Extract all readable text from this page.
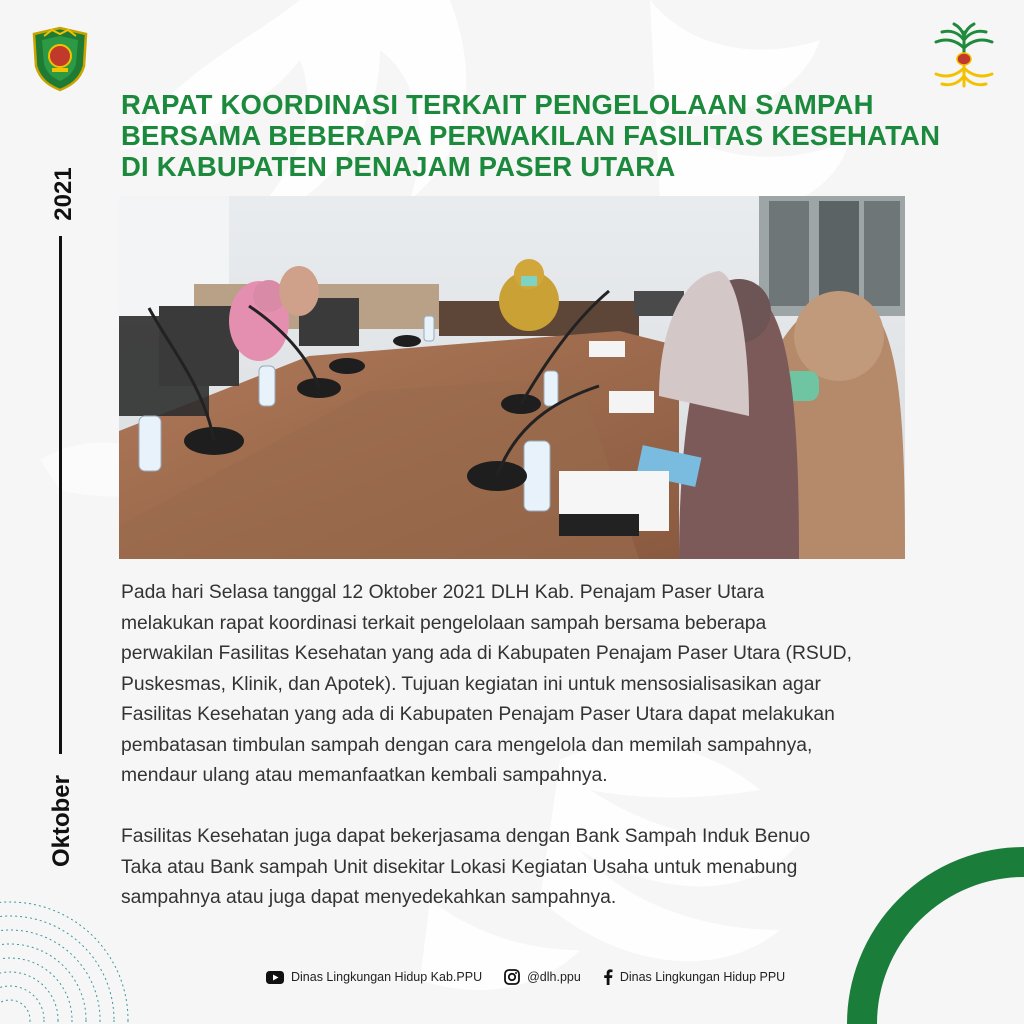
RAPAT KOORDINASI TERKAIT PENGELOLAAN SAMPAH
BERSAMA BEBERAPA PERWAKILAN FASILITAS KESEHATAN
DI KABUPATEN PENAJAM PASER UTARA
2021
Oktober

Pada hari Selasa tanggal 12 Oktober 2021 DLH Kab. Penajam Paser Utara
melakukan rapat koordinasi terkait pengelolaan sampah bersama beberapa
perwakilan Fasilitas Kesehatan yang ada di Kabupaten Penajam Paser Utara (RSUD,
Puskesmas, Klinik, dan Apotek). Tujuan kegiatan ini untuk mensosialisasikan agar
Fasilitas Kesehatan yang ada di Kabupaten Penajam Paser Utara dapat melakukan
pembatasan timbulan sampah dengan cara mengelola dan memilah sampahnya,
mendaur ulang atau memanfaatkan kembali sampahnya.

Fasilitas Kesehatan juga dapat bekerjasama dengan Bank Sampah Induk Benuo
Taka atau Bank sampah Unit disekitar Lokasi Kegiatan Usaha untuk menabung
sampahnya atau juga dapat menyedekahkan sampahnya.

Dinas Lingkungan Hidup Kab.PPU	@dlh.ppu	Dinas Lingkungan Hidup PPU
